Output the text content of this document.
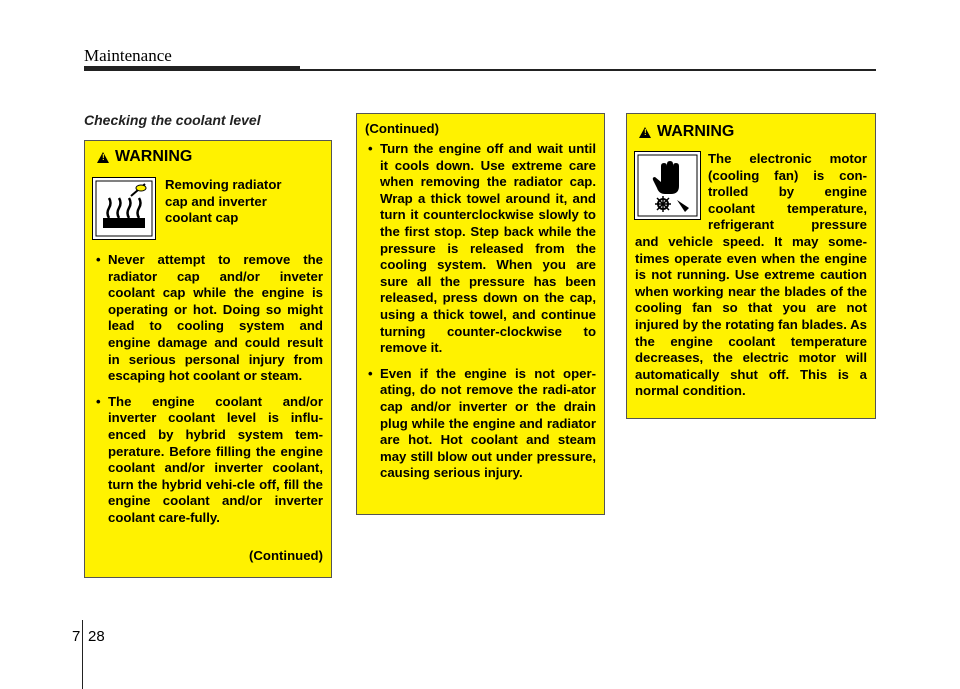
Maintenance
Checking the coolant level
! WARNING
Removing radiator
cap and inverter
coolant cap
• Never attempt to remove the radiator cap and/or inveter coolant cap while the engine is operating or hot. Doing so might lead to cooling system and engine damage and could result in serious personal injury from escaping hot coolant or steam.
• The engine coolant and/or inverter coolant level is influ-enced by hybrid system tem-perature. Before filling the engine coolant and/or inverter coolant, turn the hybrid vehi-cle off, fill the engine coolant and/or inverter coolant care-fully.
(Continued)
(Continued)
• Turn the engine off and wait until it cools down. Use extreme care when removing the radiator cap. Wrap a thick towel around it, and turn it counterclockwise slowly to the first stop. Step back while the pressure is released from the cooling system. When you are sure all the pressure has been released, press down on the cap, using a thick towel, and continue turning counter-clockwise to remove it.
• Even if the engine is not oper-ating, do not remove the radi-ator cap and/or inverter or the drain plug while the engine and radiator are hot. Hot coolant and steam may still blow out under pressure, causing serious injury.
! WARNING
The electronic motor
(cooling fan) is con-
trolled by engine
coolant temperature,
refrigerant pressure
and vehicle speed. It may some-times operate even when the engine is not running. Use extreme caution when working near the blades of the cooling fan so that you are not injured by the rotating fan blades. As the engine coolant temperature decreases, the electric motor will automatically shut off. This is a normal condition.
7 28
